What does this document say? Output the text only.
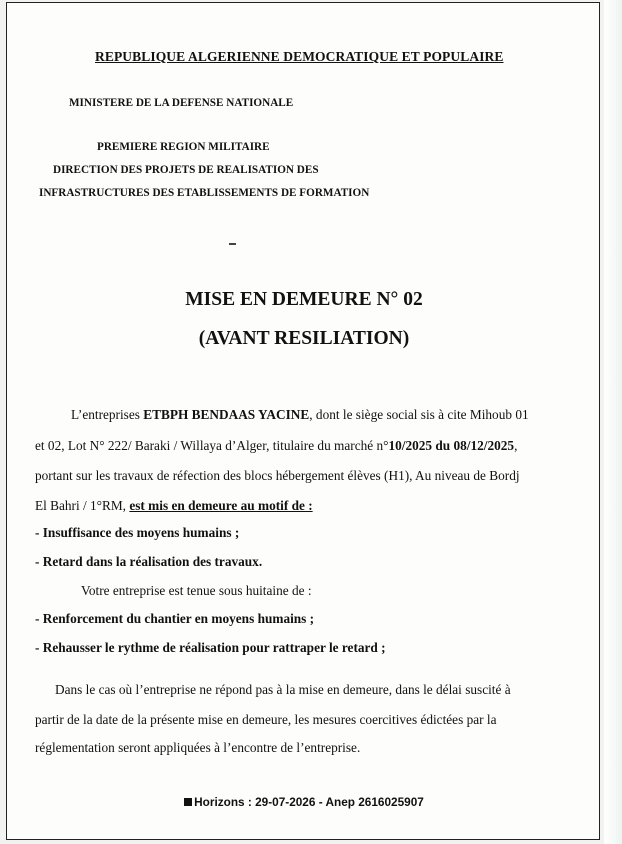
REPUBLIQUE ALGERIENNE DEMOCRATIQUE ET POPULAIRE
MINISTERE DE LA DEFENSE NATIONALE
PREMIERE REGION MILITAIRE
DIRECTION DES PROJETS DE REALISATION DES
INFRASTRUCTURES DES ETABLISSEMENTS DE FORMATION
MISE EN DEMEURE N° 02
(AVANT RESILIATION)
L’entreprises ETBPH BENDAAS YACINE, dont le siège social sis à cite Mihoub 01
et 02, Lot N° 222/ Baraki / Willaya d’Alger, titulaire du marché n°10/2025 du 08/12/2025,
portant sur les travaux de réfection des blocs hébergement élèves (H1), Au niveau de Bordj
El Bahri / 1°RM, est mis en demeure au motif de :
- Insuffisance des moyens humains ;
- Retard dans la réalisation des travaux.
Votre entreprise est tenue sous huitaine de :
- Renforcement du chantier en moyens humains ;
- Rehausser le rythme de réalisation pour rattraper le retard ;
Dans le cas où l’entreprise ne répond pas à la mise en demeure, dans le délai suscité à
partir de la date de la présente mise en demeure, les mesures coercitives édictées par la
réglementation seront appliquées à l’encontre de l’entreprise.
Horizons : 29-07-2026 - Anep 2616025907
